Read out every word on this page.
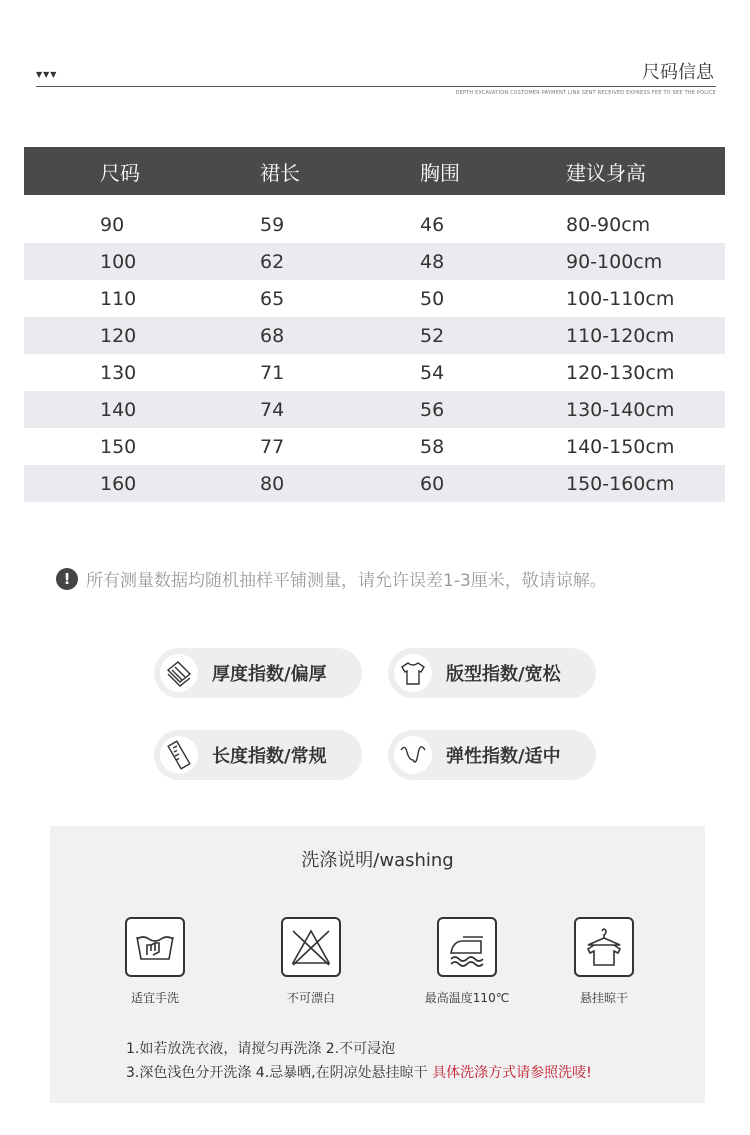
▼▼▼	尺码信息
DEPTH EXCAVATION CUSTOMER PAYMENT LINK SENT RECEIVED EXPRESS FEE TO SEE THE POLICE
尺码	裙长	胸围	建议身高
90	59	46	80-90cm
100	62	48	90-100cm
110	65	50	100-110cm
120	68	52	110-120cm
130	71	54	120-130cm
140	74	56	130-140cm
150	77	58	140-150cm
160	80	60	150-160cm
! 所有测量数据均随机抽样平铺测量，请允许误差1-3厘米，敬请谅解。
厚度指数/偏厚	版型指数/宽松
长度指数/常规	弹性指数/适中
洗涤说明/washing
适宜手洗	不可漂白	最高温度110℃	悬挂晾干
1.如若放洗衣液，请搅匀再洗涤 2.不可浸泡
3.深色浅色分开洗涤 4.忌暴晒,在阴凉处悬挂晾干 具体洗涤方式请参照洗唛!
